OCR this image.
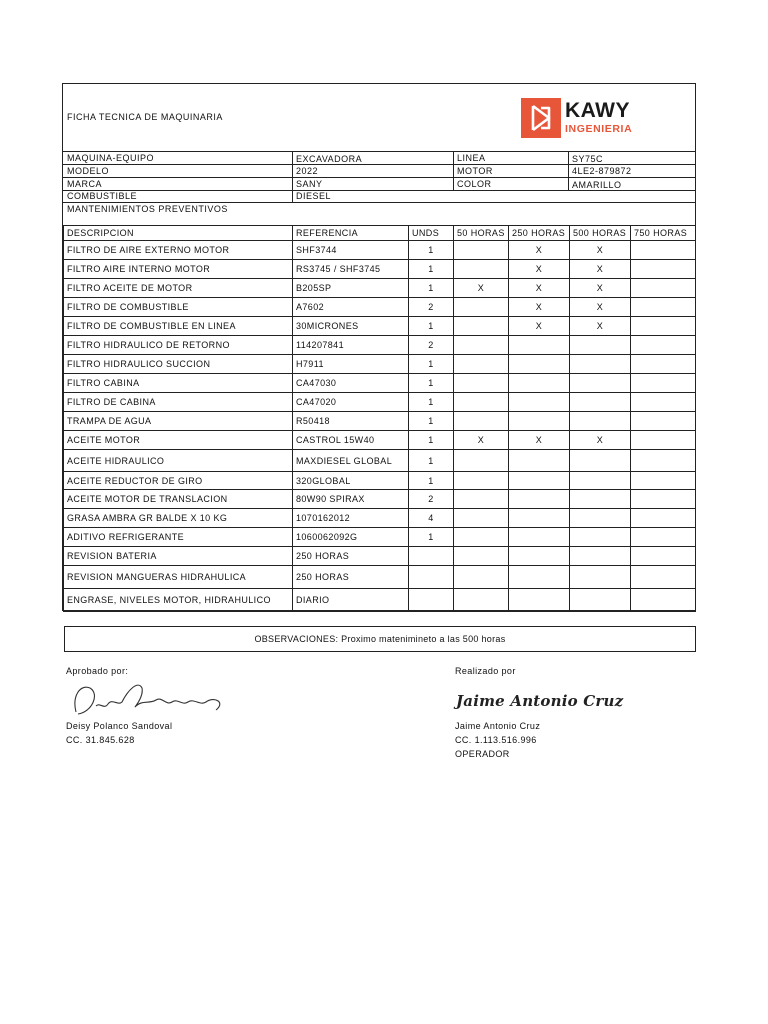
FICHA TECNICA DE MAQUINARIA	KAWY
INGENIERIA
MAQUINA-EQUIPO	EXCAVADORA	LINEA	SY75C
MODELO	2022	MOTOR	4LE2-879872
MARCA	SANY	COLOR	AMARILLO
COMBUSTIBLE	DIESEL
MANTENIMIENTOS PREVENTIVOS
DESCRIPCION	REFERENCIA	UNDS	50 HORAS	250 HORAS	500 HORAS	750 HORAS
FILTRO DE AIRE EXTERNO MOTOR	SHF3744	1		X	X	
FILTRO AIRE INTERNO MOTOR	RS3745 / SHF3745	1		X	X	
FILTRO ACEITE DE MOTOR	B205SP	1	X	X	X	
FILTRO DE COMBUSTIBLE	A7602	2		X	X	
FILTRO DE COMBUSTIBLE EN LINEA	30MICRONES	1		X	X	
FILTRO HIDRAULICO DE RETORNO	114207841	2				
FILTRO HIDRAULICO SUCCION	H7911	1				
FILTRO CABINA	CA47030	1				
FILTRO DE CABINA	CA47020	1				
TRAMPA DE AGUA	R50418	1				
ACEITE MOTOR	CASTROL 15W40	1	X	X	X	
ACEITE HIDRAULICO	MAXDIESEL GLOBAL	1				
ACEITE REDUCTOR DE GIRO	320GLOBAL	1				
ACEITE MOTOR DE TRANSLACION	80W90 SPIRAX	2				
GRASA AMBRA GR BALDE X 10 KG	1070162012	4				
ADITIVO REFRIGERANTE	1060062092G	1				
REVISION BATERIA	250 HORAS					
REVISION MANGUERAS HIDRAHULICA	250 HORAS					
ENGRASE, NIVELES MOTOR, HIDRAHULICO	DIARIO					
OBSERVACIONES: Proximo matenimineto a las 500 horas
Aprobado por:
Deisy Polanco Sandoval
CC. 31.845.628
Realizado por
Jaime Antonio Cruz
Jaime Antonio Cruz
CC. 1.113.516.996
OPERADOR
